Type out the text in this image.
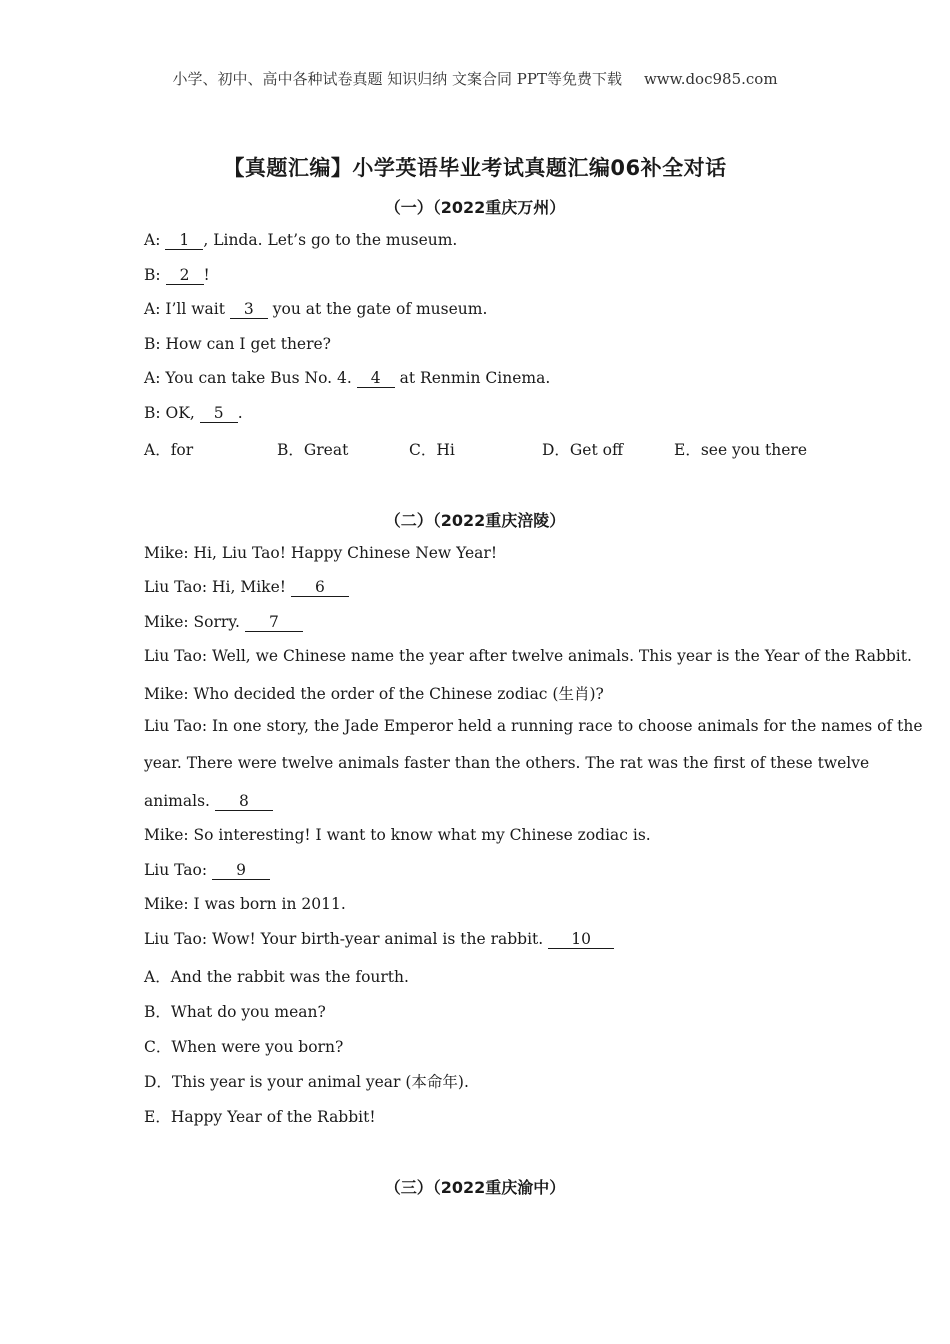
小学、初中、高中各种试卷真题 知识归纳 文案合同 PPT等免费下载 www.doc985.com
【真题汇编】小学英语毕业考试真题汇编06补全对话
（一）（2022重庆万州）
A: 1 , Linda. Let’s go to the museum.
B: 2 !
A: I’ll wait 3 you at the gate of museum.
B: How can I get there?
A: You can take Bus No. 4. 4 at Renmin Cinema.
B: OK, 5 .
A．for	B．Great	C．Hi	D．Get off	E．see you there
（二）（2022重庆涪陵）
Mike: Hi, Liu Tao! Happy Chinese New Year!
Liu Tao: Hi, Mike! 6
Mike: Sorry. 7
Liu Tao: Well, we Chinese name the year after twelve animals. This year is the Year of the Rabbit.
Mike: Who decided the order of the Chinese zodiac (生肖)?
Liu Tao: In one story, the Jade Emperor held a running race to choose animals for the names of the
year. There were twelve animals faster than the others. The rat was the first of these twelve
animals. 8
Mike: So interesting! I want to know what my Chinese zodiac is.
Liu Tao: 9
Mike: I was born in 2011.
Liu Tao: Wow! Your birth-year animal is the rabbit. 10
A．And the rabbit was the fourth.
B．What do you mean?
C．When were you born?
D．This year is your animal year (本命年).
E．Happy Year of the Rabbit!
（三）（2022重庆渝中）
